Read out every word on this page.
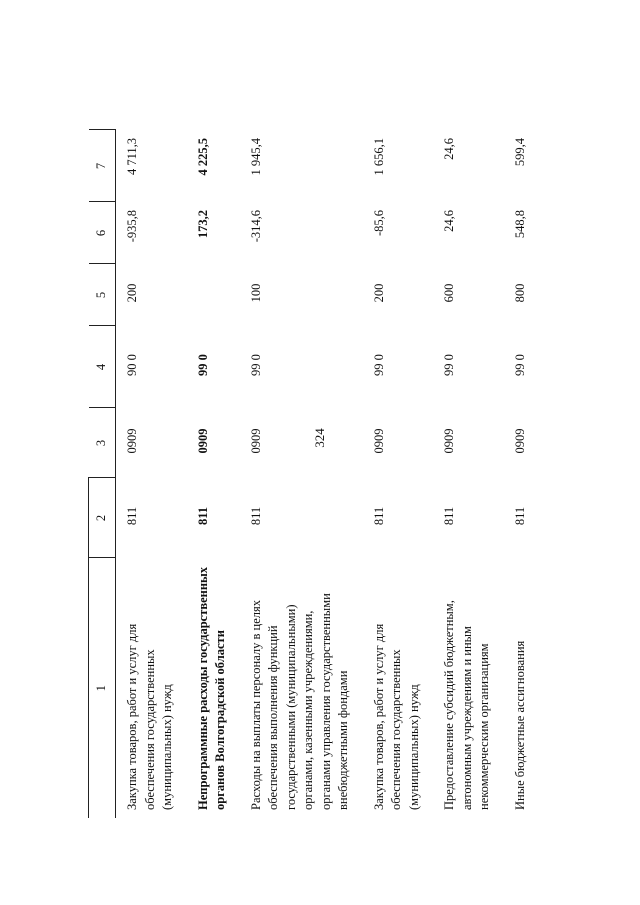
324
1	2	3	4	5	6	7
Закупка товаров, работ и услуг для обеспечения государственных (муниципальных) нужд	811	0909	90 0	200	-935,8	4 711,3
Непрограммные расходы государственных органов Волгоградской области	811	0909	99 0		173,2	4 225,5
Расходы на выплаты персоналу в целях обеспечения выполнения функций государственными (муниципальными) органами, казенными учреждениями, органами управления государственными внебюджетными фондами	811	0909	99 0	100	-314,6	1 945,4
Закупка товаров, работ и услуг для обеспечения государственных (муниципальных) нужд	811	0909	99 0	200	-85,6	1 656,1
Предоставление субсидий бюджетным, автономным учреждениям и иным некоммерческим организациям	811	0909	99 0	600	24,6	24,6
Иные бюджетные ассигнования	811	0909	99 0	800	548,8	599,4
